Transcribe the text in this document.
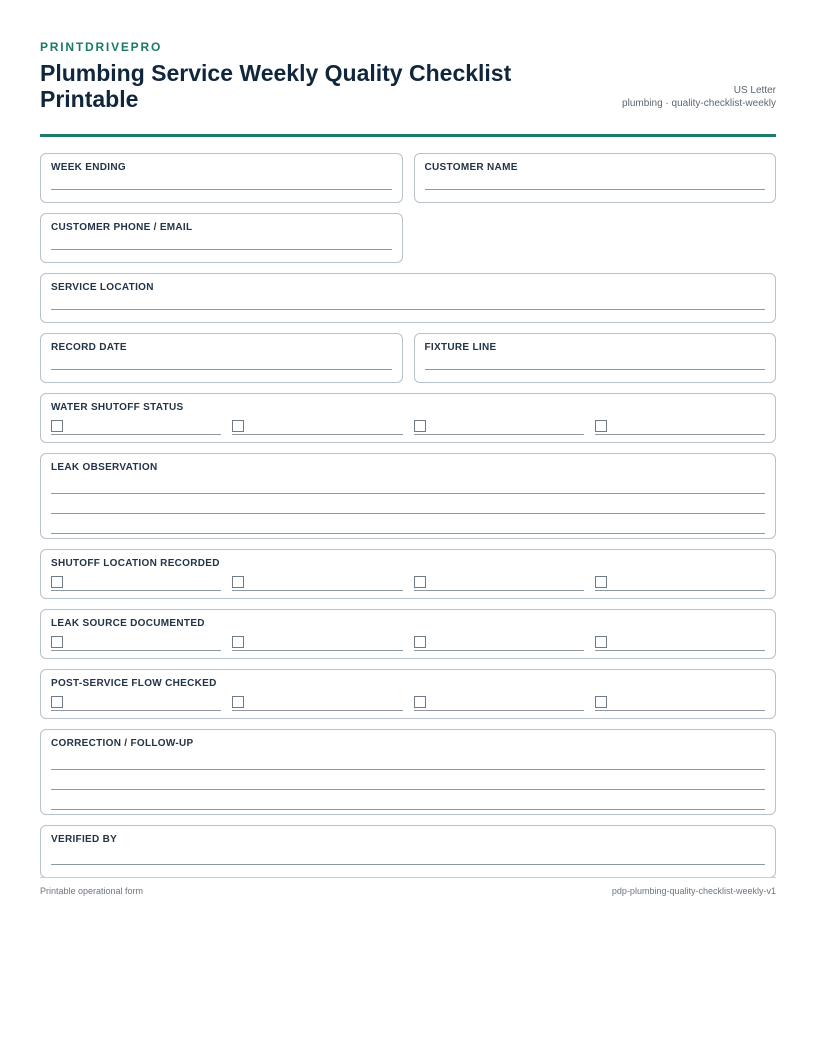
PRINTDRIVEPRO
Plumbing Service Weekly Quality Checklist Printable	US Letter
plumbing · quality-checklist-weekly
WEEK ENDING	CUSTOMER NAME
CUSTOMER PHONE / EMAIL
SERVICE LOCATION
RECORD DATE	FIXTURE LINE
WATER SHUTOFF STATUS
LEAK OBSERVATION
SHUTOFF LOCATION RECORDED
LEAK SOURCE DOCUMENTED
POST-SERVICE FLOW CHECKED
CORRECTION / FOLLOW-UP
VERIFIED BY
Printable operational form	pdp-plumbing-quality-checklist-weekly-v1
